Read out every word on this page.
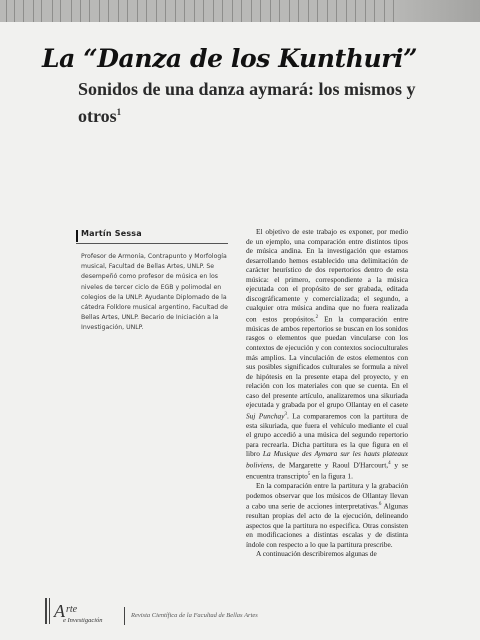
La “Danza de los Kunthuri”
Sonidos de una danza aymará: los mismos y otros$^1$
Martín Sessa

Profesor de Armonía, Contrapunto y Morfología musical, Facultad de Bellas Artes, UNLP. Se desempeñó como profesor de música en los niveles de tercer ciclo de EGB y polimodal en colegios de la UNLP. Ayudante Diplomado de la cátedra Folklore musical argentino, Facultad de Bellas Artes, UNLP. Becario de Iniciación a la Investigación, UNLP.

El objetivo de este trabajo es exponer, por medio de un ejemplo, una comparación entre distintos tipos de música andina. En la investigación que estamos desarrollando hemos establecido una delimitación de carácter heurístico de dos repertorios dentro de esta música: el primero, correspondiente a la música ejecutada con el propósito de ser grabada, editada discográficamente y comercializada; el segundo, a cualquier otra música andina que no fuera realizada con estos propósitos.$^2$ En la comparación entre músicas de ambos repertorios se buscan en los sonidos rasgos o elementos que puedan vincularse con los contextos de ejecución y con contextos socioculturales más amplios. La vinculación de estos elementos con sus posibles significados culturales se formula a nivel de hipótesis en la presente etapa del proyecto, y en relación con los materiales con que se cuenta. En el caso del presente artículo, analizaremos una sikuriada ejecutada y grabada por el grupo Ollantay en el casete Suj Punchay$^3$. La compararemos con la partitura de esta sikuriada, que fuera el vehículo mediante el cual el grupo accedió a una música del segundo repertorio para recrearla. Dicha partitura es la que figura en el libro La Musique des Aymara sur les hauts plateaux boliviens, de Margarette y Raoul D'Harcourt,$^4$ y se encuentra transcripto$^5$ en la figura 1.

En la comparación entre la partitura y la grabación podemos observar que los músicos de Ollantay llevan a cabo una serie de acciones interpretativas.$^6$ Algunas resultan propias del acto de la ejecución, delineando aspectos que la partitura no especifica. Otras consisten en modificaciones a distintas escalas y de distinta índole con respecto a lo que la partitura prescribe.

A continuación describiremos algunas de

A rte
e Investigación
Revista Científica de la Facultad de Bellas Artes
